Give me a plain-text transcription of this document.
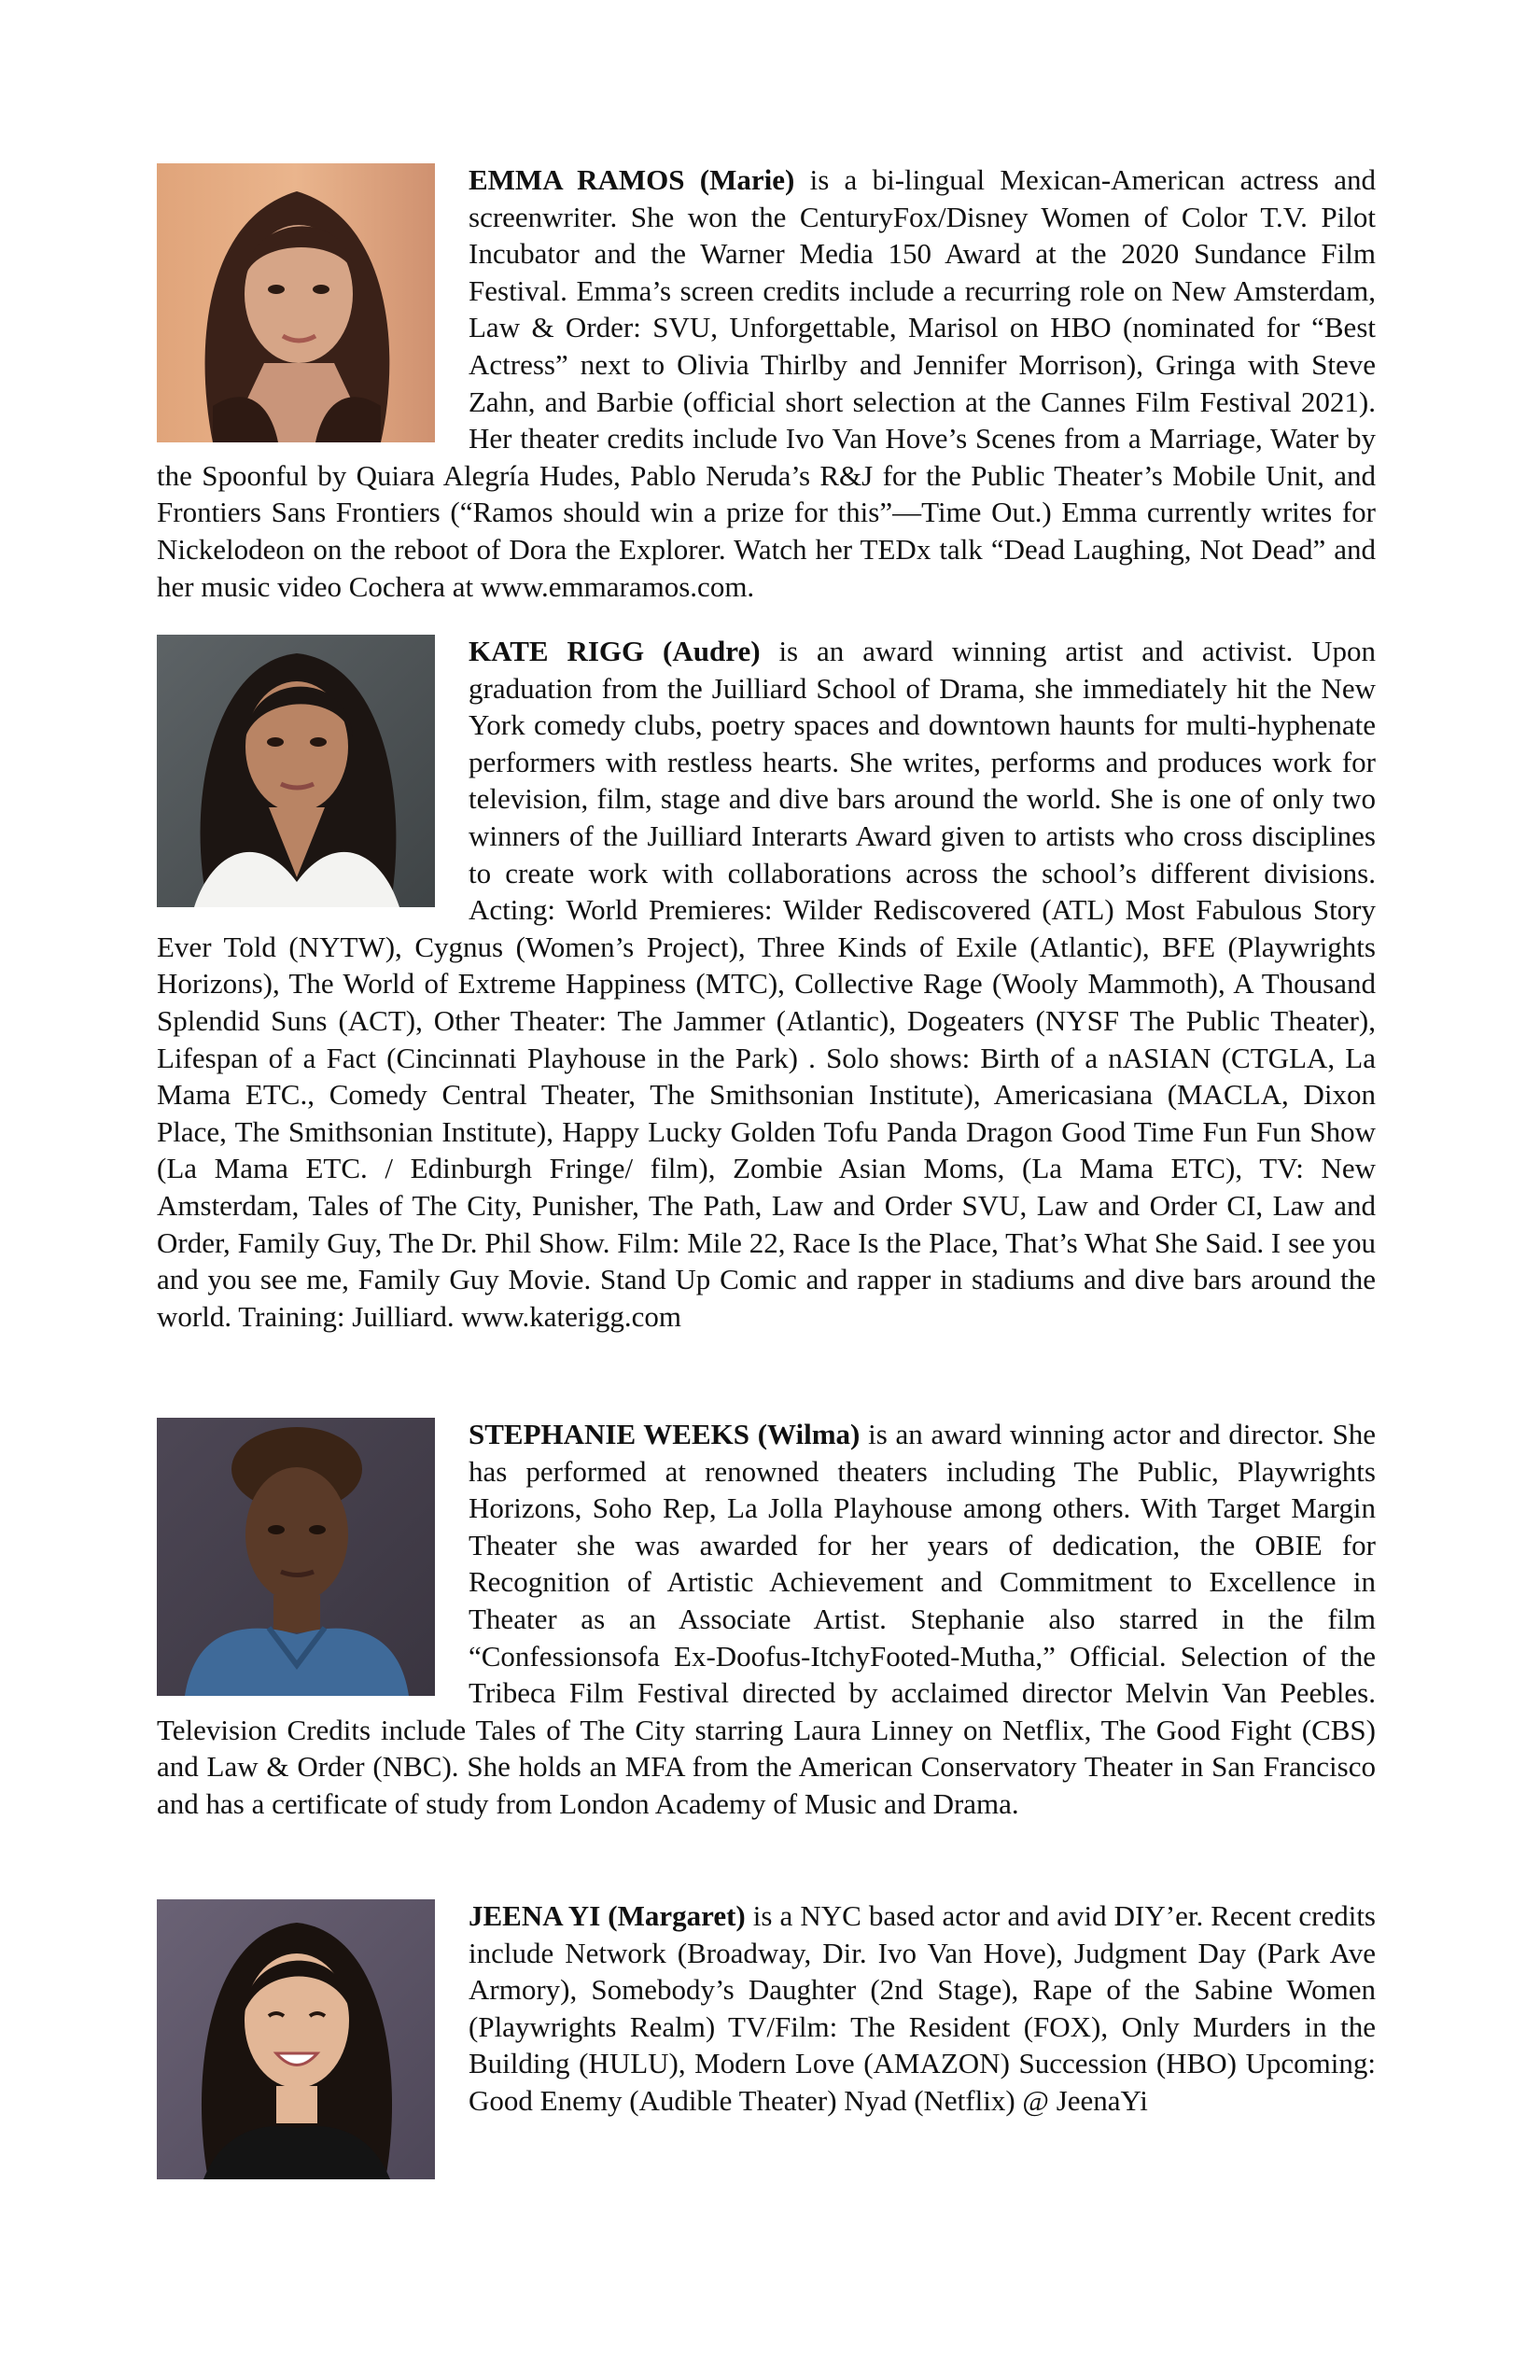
EMMA RAMOS (Marie) is a bi-lingual Mexican-American actress and screenwriter. She won the CenturyFox/Disney Women of Color T.V. Pilot Incubator and the Warner Media 150 Award at the 2020 Sundance Film Festival. Emma’s screen credits include a recurring role on New Amsterdam, Law & Order: SVU, Unforgettable, Marisol on HBO (nominated for “Best Actress” next to Olivia Thirlby and Jennifer Morrison), Gringa with Steve Zahn, and Barbie (official short selection at the Cannes Film Festival 2021). Her theater credits include Ivo Van Hove’s Scenes from a Marriage, Water by the Spoonful by Quiara Alegría Hudes, Pablo Neruda’s R&J for the Public Theater’s Mobile Unit, and Frontiers Sans Frontiers (“Ramos should win a prize for this”—Time Out.) Emma currently writes for Nickelodeon on the reboot of Dora the Explorer. Watch her TEDx talk “Dead Laughing, Not Dead” and her music video Cochera at www.emmaramos.com.
KATE RIGG (Audre) is an award winning artist and activist. Upon graduation from the Juilliard School of Drama, she immediately hit the New York comedy clubs, poetry spaces and downtown haunts for multi-hyphenate performers with restless hearts. She writes, performs and produces work for television, film, stage and dive bars around the world. She is one of only two winners of the Juilliard Interarts Award given to artists who cross disciplines to create work with collaborations across the school’s different divisions. Acting: World Premieres: Wilder Rediscovered (ATL) Most Fabulous Story Ever Told (NYTW), Cygnus (Women’s Project), Three Kinds of Exile (Atlantic), BFE (Playwrights Horizons), The World of Extreme Happiness (MTC), Collective Rage (Wooly Mammoth), A Thousand Splendid Suns (ACT), Other Theater: The Jammer (Atlantic), Dogeaters (NYSF The Public Theater), Lifespan of a Fact (Cincinnati Playhouse in the Park) . Solo shows: Birth of a nASIAN (CTGLA, La Mama ETC., Comedy Central Theater, The Smithsonian Institute), Americasiana (MACLA, Dixon Place, The Smithsonian Institute), Happy Lucky Golden Tofu Panda Dragon Good Time Fun Fun Show (La Mama ETC. / Edinburgh Fringe/ film), Zombie Asian Moms, (La Mama ETC), TV: New Amsterdam, Tales of The City, Punisher, The Path, Law and Order SVU, Law and Order CI, Law and Order, Family Guy, The Dr. Phil Show. Film: Mile 22, Race Is the Place, That’s What She Said. I see you and you see me, Family Guy Movie. Stand Up Comic and rapper in stadiums and dive bars around the world. Training: Juilliard. www.katerigg.com
STEPHANIE WEEKS (Wilma) is an award winning actor and director. She has performed at renowned theaters including The Public, Playwrights Horizons, Soho Rep, La Jolla Playhouse among others. With Target Margin Theater she was awarded for her years of dedication, the OBIE for Recognition of Artistic Achievement and Commitment to Excellence in Theater as an Associate Artist. Stephanie also starred in the film “Confessionsofa Ex-Doofus-ItchyFooted-Mutha,” Official. Selection of the Tribeca Film Festival directed by acclaimed director Melvin Van Peebles. Television Credits include Tales of The City starring Laura Linney on Netflix, The Good Fight (CBS) and Law & Order (NBC). She holds an MFA from the American Conservatory Theater in San Francisco and has a certificate of study from London Academy of Music and Drama.
JEENA YI (Margaret) is a NYC based actor and avid DIY’er. Recent credits include Network (Broadway, Dir. Ivo Van Hove), Judgment Day (Park Ave Armory), Somebody’s Daughter (2nd Stage), Rape of the Sabine Women (Playwrights Realm) TV/Film: The Resident (FOX), Only Murders in the Building (HULU), Modern Love (AMAZON) Succession (HBO) Upcoming: Good Enemy (Audible Theater) Nyad (Netflix) @ JeenaYi
